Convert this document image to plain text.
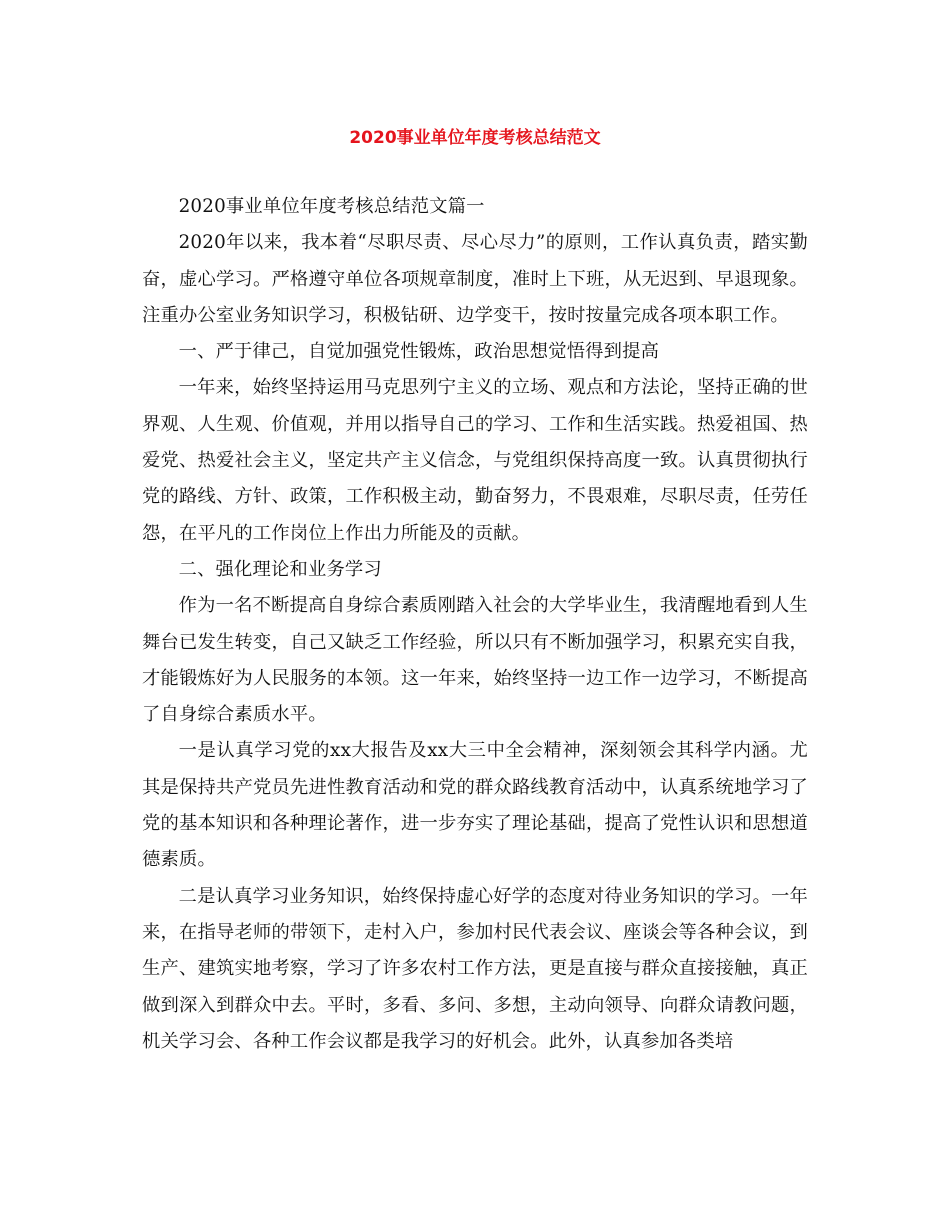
2020事业单位年度考核总结范文

2020事业单位年度考核总结范文篇一

2020年以来，我本着“尽职尽责、尽心尽力”的原则，工作认真负责，踏实勤奋，虚心学习。严格遵守单位各项规章制度，准时上下班，从无迟到、早退现象。注重办公室业务知识学习，积极钻研、边学变干，按时按量完成各项本职工作。

一、严于律己，自觉加强党性锻炼，政治思想觉悟得到提高

一年来，始终坚持运用马克思列宁主义的立场、观点和方法论，坚持正确的世界观、人生观、价值观，并用以指导自己的学习、工作和生活实践。热爱祖国、热爱党、热爱社会主义，坚定共产主义信念，与党组织保持高度一致。认真贯彻执行党的路线、方针、政策，工作积极主动，勤奋努力，不畏艰难，尽职尽责，任劳任怨，在平凡的工作岗位上作出力所能及的贡献。

二、强化理论和业务学习

作为一名不断提高自身综合素质刚踏入社会的大学毕业生，我清醒地看到人生舞台已发生转变，自己又缺乏工作经验，所以只有不断加强学习，积累充实自我，才能锻炼好为人民服务的本领。这一年来，始终坚持一边工作一边学习，不断提高了自身综合素质水平。

一是认真学习党的xx大报告及xx大三中全会精神，深刻领会其科学内涵。尤其是保持共产党员先进性教育活动和党的群众路线教育活动中，认真系统地学习了党的基本知识和各种理论著作，进一步夯实了理论基础，提高了党性认识和思想道德素质。

二是认真学习业务知识，始终保持虚心好学的态度对待业务知识的学习。一年来，在指导老师的带领下，走村入户，参加村民代表会议、座谈会等各种会议，到生产、建筑实地考察，学习了许多农村工作方法，更是直接与群众直接接触，真正做到深入到群众中去。平时，多看、多问、多想，主动向领导、向群众请教问题，机关学习会、各种工作会议都是我学习的好机会。此外，认真参加各类培
